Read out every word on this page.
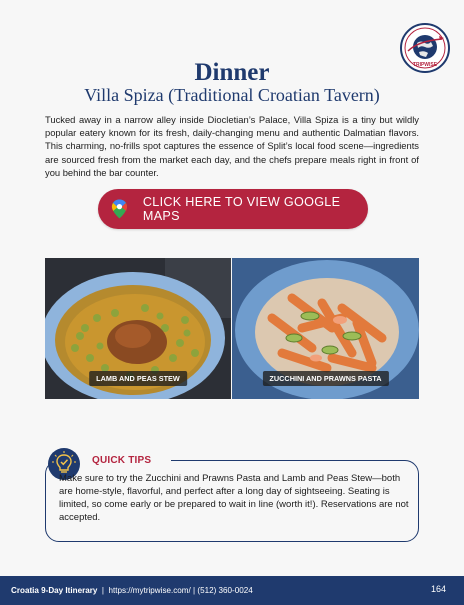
TRIPWISE
Dinner
Villa Spiza (Traditional Croatian Tavern)

Tucked away in a narrow alley inside Diocletian’s Palace, Villa Spiza is a tiny but wildly popular eatery known for its fresh, daily-changing menu and authentic Dalmatian flavors. This charming, no-frills spot captures the essence of Split’s local food scene—ingredients are sourced fresh from the market each day, and the chefs prepare meals right in front of you behind the bar counter.

CLICK HERE TO VIEW GOOGLE MAPS
LAMB AND PEAS STEW	ZUCCHINI AND PRAWNS PASTA
QUICK TIPS

Make sure to try the Zucchini and Prawns Pasta and Lamb and Peas Stew—both are home-style, flavorful, and perfect after a long day of sightseeing. Seating is limited, so come early or be prepared to wait in line (worth it!). Reservations are not accepted.

Croatia 9-Day Itinerary | https://mytripwise.com/ | (512) 360-0024	164
